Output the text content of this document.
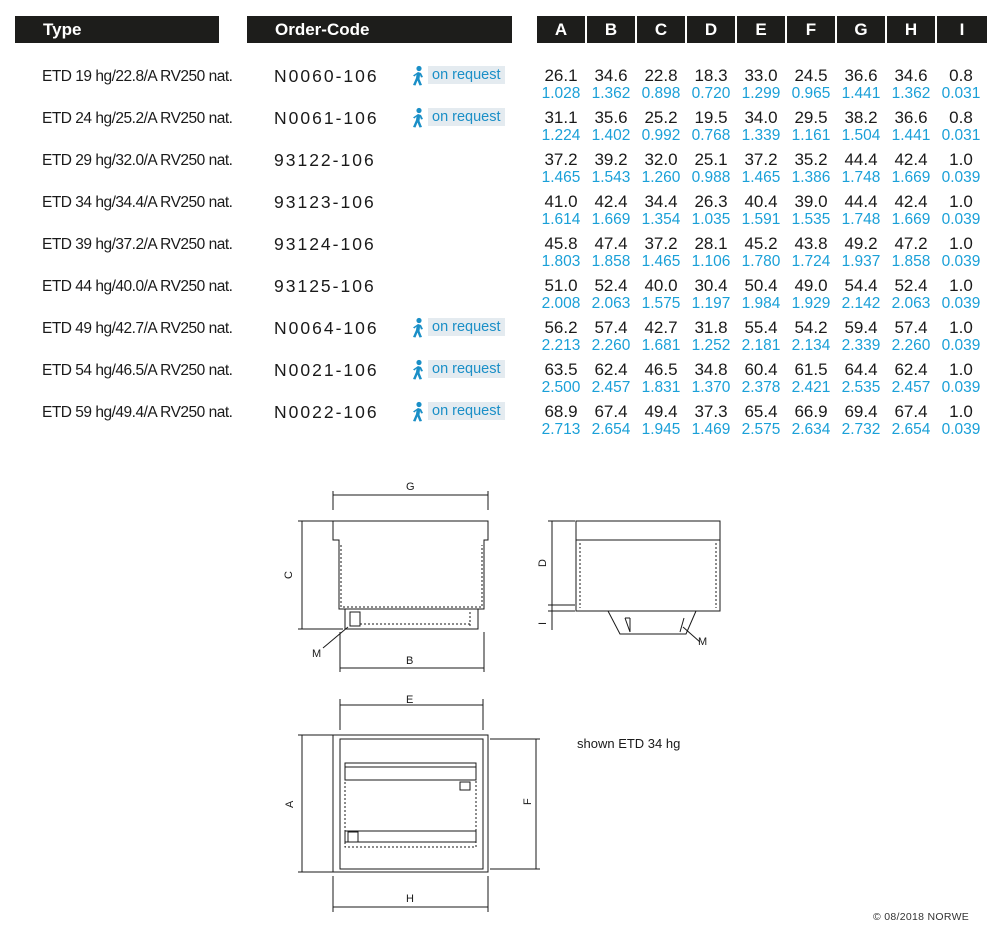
Type	Order-Code	A	B	C	D	E	F	G	H	I
ETD 19 hg/22.8/A RV250 nat. N0060-106	on request	26.1 34.6 22.8 18.3 33.0 24.5 36.6 34.6	0.8
1.028 1.362 0.898 0.720 1.299 0.965 1.441 1.362 0.031
ETD 24 hg/25.2/A RV250 nat. N0061-106	on request	31.1 35.6 25.2 19.5 34.0 29.5 38.2 36.6	0.8
1.224 1.402 0.992 0.768 1.339 1.161 1.504 1.441 0.031
ETD 29 hg/32.0/A RV250 nat. 93122-106	37.2 39.2 32.0 25.1 37.2 35.2 44.4 42.4	1.0
1.465 1.543 1.260 0.988 1.465 1.386 1.748 1.669 0.039
ETD 34 hg/34.4/A RV250 nat. 93123-106	41.0 42.4 34.4 26.3 40.4 39.0 44.4 42.4	1.0
1.614 1.669 1.354 1.035 1.591 1.535 1.748 1.669 0.039
ETD 39 hg/37.2/A RV250 nat. 93124-106	45.8 47.4 37.2 28.1 45.2 43.8 49.2 47.2	1.0
1.803 1.858 1.465 1.106 1.780 1.724 1.937 1.858 0.039
ETD 44 hg/40.0/A RV250 nat. 93125-106	51.0 52.4 40.0 30.4 50.4 49.0 54.4 52.4	1.0
2.008 2.063 1.575 1.197 1.984 1.929 2.142 2.063 0.039
ETD 49 hg/42.7/A RV250 nat. N0064-106	on request	56.2 57.4 42.7 31.8 55.4 54.2 59.4 57.4	1.0
2.213 2.260 1.681 1.252 2.181 2.134 2.339 2.260 0.039
ETD 54 hg/46.5/A RV250 nat. N0021-106	on request	63.5 62.4 46.5 34.8 60.4 61.5 64.4 62.4	1.0
2.500 2.457 1.831 1.370 2.378 2.421 2.535 2.457 0.039
ETD 59 hg/49.4/A RV250 nat. N0022-106	on request	68.9 67.4 49.4 37.3 65.4 66.9 69.4 67.4	1.0
2.713 2.654 1.945 1.469 2.575 2.634 2.732 2.654 0.039
G
C
M
B
D
I
M
E
A	F
H
shown ETD 34 hg
© 08/2018 NORWE
